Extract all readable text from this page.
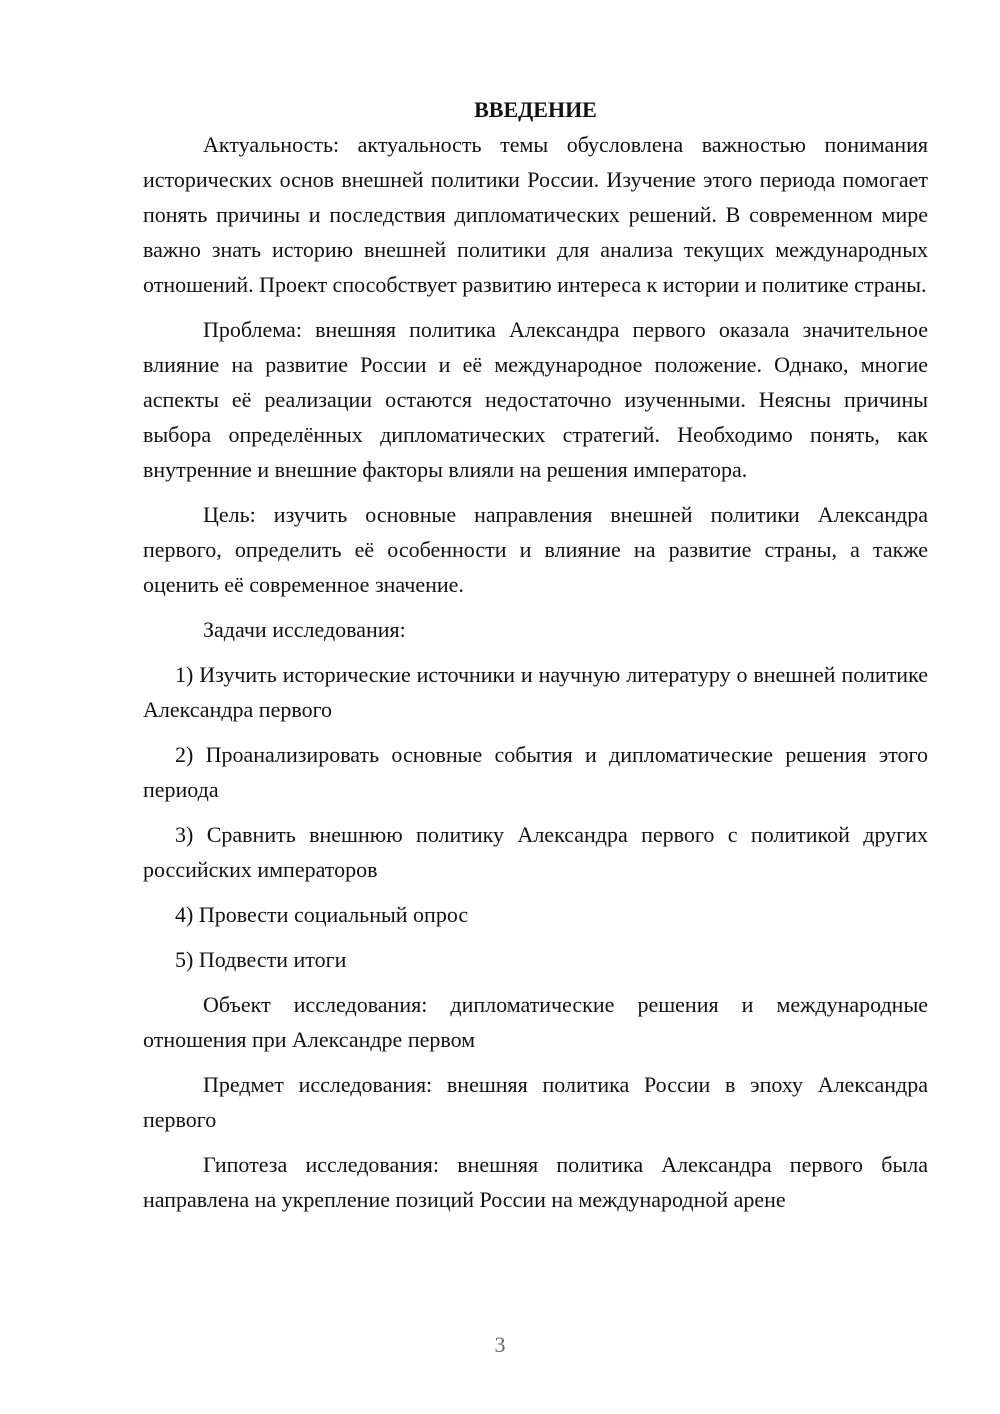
ВВЕДЕНИЕ

Актуальность: актуальность темы обусловлена важностью понимания исторических основ внешней политики России. Изучение этого периода помогает понять причины и последствия дипломатических решений. В современном мире важно знать историю внешней политики для анализа текущих международных отношений. Проект способствует развитию интереса к истории и политике страны.

Проблема: внешняя политика Александра первого оказала значительное влияние на развитие России и её международное положение. Однако, многие аспекты её реализации остаются недостаточно изученными. Неясны причины выбора определённых дипломатических стратегий. Необходимо понять, как внутренние и внешние факторы влияли на решения императора.

Цель: изучить основные направления внешней политики Александра первого, определить её особенности и влияние на развитие страны, а также оценить её современное значение.

Задачи исследования:

1) Изучить исторические источники и научную литературу о внешней политике Александра первого

2) Проанализировать основные события и дипломатические решения этого периода

3) Сравнить внешнюю политику Александра первого с политикой других российских императоров

4) Провести социальный опрос

5) Подвести итоги

Объект исследования: дипломатические решения и международные отношения при Александре первом

Предмет исследования: внешняя политика России в эпоху Александра первого

Гипотеза исследования: внешняя политика Александра первого была направлена на укрепление позиций России на международной арене

3
